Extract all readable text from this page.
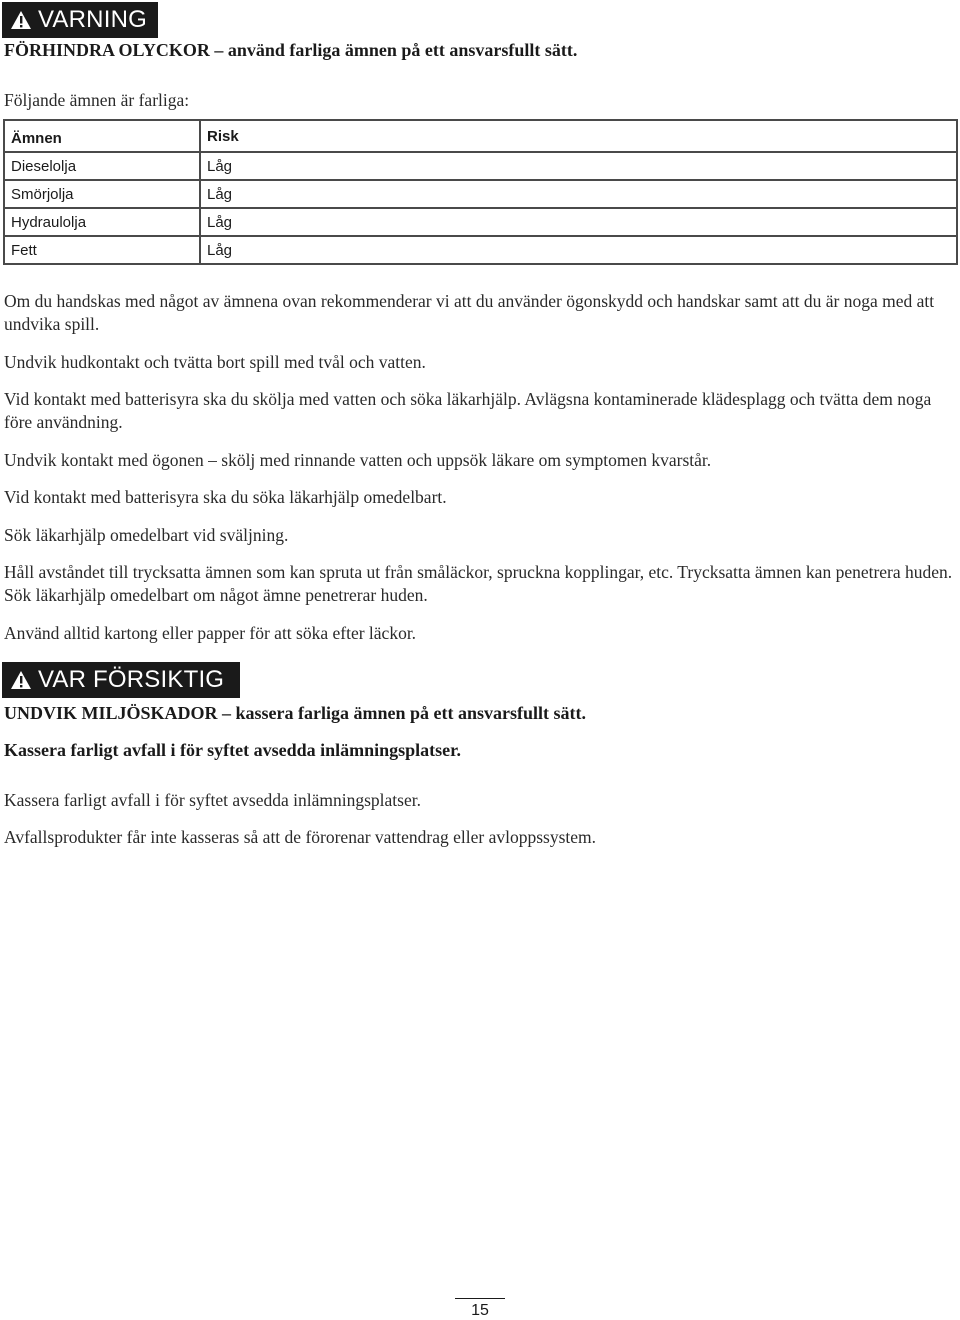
VARNING
FÖRHINDRA OLYCKOR – använd farliga ämnen på ett ansvarsfullt sätt.
Följande ämnen är farliga:
Ämnen	Risk
Dieselolja	Låg
Smörjolja	Låg
Hydraulolja	Låg
Fett	Låg
Om du handskas med något av ämnena ovan rekommenderar vi att du använder ögonskydd och handskar samt att du är noga med att undvika spill.
Undvik hudkontakt och tvätta bort spill med tvål och vatten.
Vid kontakt med batterisyra ska du skölja med vatten och söka läkarhjälp. Avlägsna kontaminerade klädesplagg och tvätta dem noga före användning.
Undvik kontakt med ögonen – skölj med rinnande vatten och uppsök läkare om symptomen kvarstår.
Vid kontakt med batterisyra ska du söka läkarhjälp omedelbart.
Sök läkarhjälp omedelbart vid sväljning.
Håll avståndet till trycksatta ämnen som kan spruta ut från småläckor, spruckna kopplingar, etc. Trycksatta ämnen kan penetrera huden. Sök läkarhjälp omedelbart om något ämne penetrerar huden.
Använd alltid kartong eller papper för att söka efter läckor.
VAR FÖRSIKTIG
UNDVIK MILJÖSKADOR – kassera farliga ämnen på ett ansvarsfullt sätt.
Kassera farligt avfall i för syftet avsedda inlämningsplatser.
Kassera farligt avfall i för syftet avsedda inlämningsplatser.
Avfallsprodukter får inte kasseras så att de förorenar vattendrag eller avloppssystem.
15
